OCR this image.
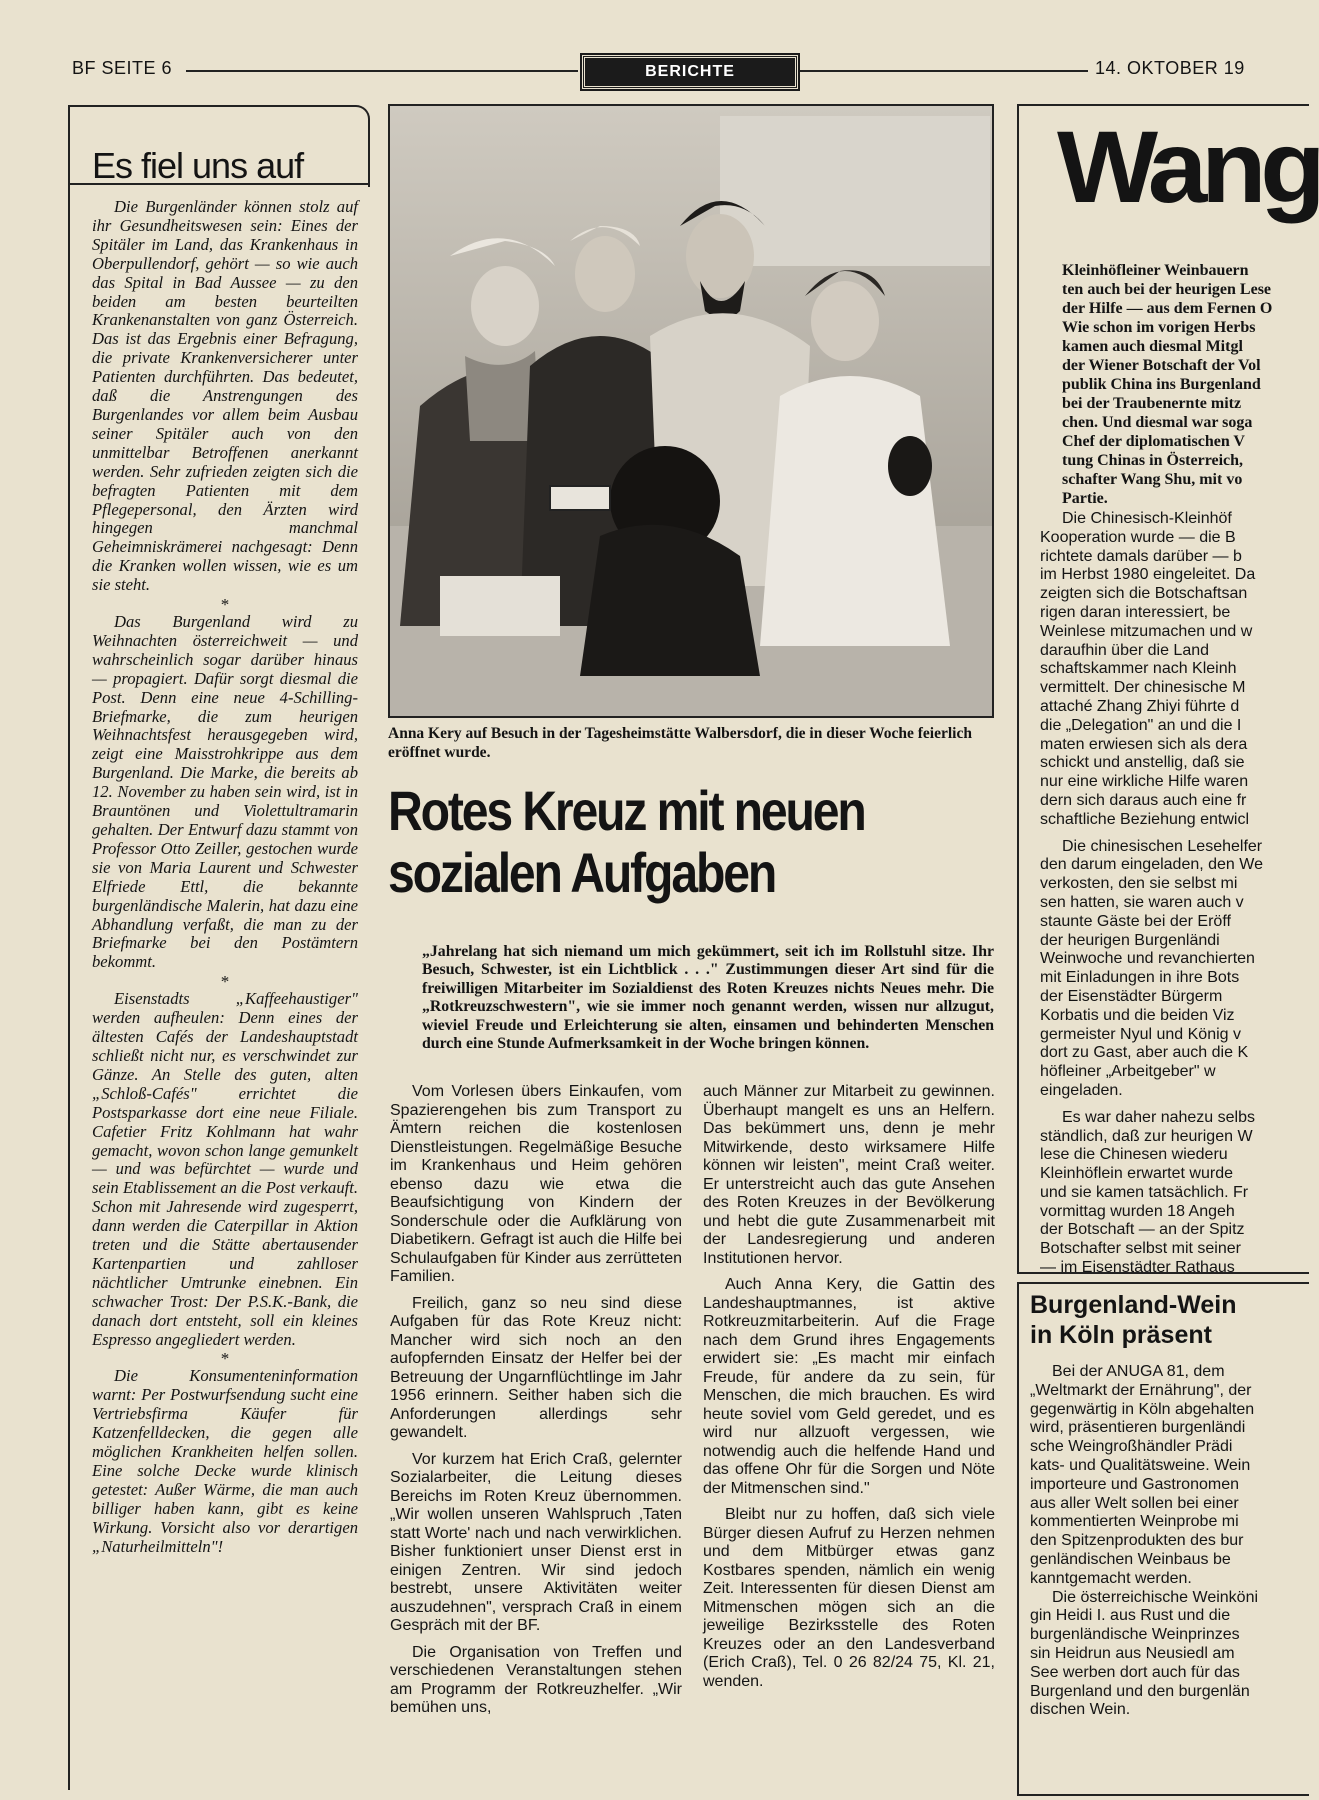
BF SEITE 6	BERICHTE	14. OKTOBER 19
Es fiel uns auf

Die Burgenländer können stolz auf ihr Gesundheitswesen sein: Eines der Spitäler im Land, das Krankenhaus in Oberpullendorf, gehört — so wie auch das Spital in Bad Aussee — zu den beiden am besten beurteilten Krankenanstalten von ganz Österreich. Das ist das Ergebnis einer Befragung, die private Krankenversicherer unter Patienten durchführten. Das bedeutet, daß die Anstrengungen des Burgenlandes vor allem beim Ausbau seiner Spitäler auch von den unmittelbar Betroffenen anerkannt werden. Sehr zufrieden zeigten sich die befragten Patienten mit dem Pflegepersonal, den Ärzten wird hingegen manchmal Geheimniskrämerei nachgesagt: Denn die Kranken wollen wissen, wie es um sie steht.

*

Das Burgenland wird zu Weihnachten österreichweit — und wahrscheinlich sogar darüber hinaus — propagiert. Dafür sorgt diesmal die Post. Denn eine neue 4-Schilling-Briefmarke, die zum heurigen Weihnachtsfest herausgegeben wird, zeigt eine Maisstrohkrippe aus dem Burgenland. Die Marke, die bereits ab 12. November zu haben sein wird, ist in Brauntönen und Violettultramarin gehalten. Der Entwurf dazu stammt von Professor Otto Zeiller, gestochen wurde sie von Maria Laurent und Schwester Elfriede Ettl, die bekannte burgenländische Malerin, hat dazu eine Abhandlung verfaßt, die man zu der Briefmarke bei den Postämtern bekommt.

*

Eisenstadts „Kaffeehaustiger" werden aufheulen: Denn eines der ältesten Cafés der Landeshauptstadt schließt nicht nur, es verschwindet zur Gänze. An Stelle des guten, alten „Schloß-Cafés" errichtet die Postsparkasse dort eine neue Filiale. Cafetier Fritz Kohlmann hat wahr gemacht, wovon schon lange gemunkelt — und was befürchtet — wurde und sein Etablissement an die Post verkauft. Schon mit Jahresende wird zugesperrt, dann werden die Caterpillar in Aktion treten und die Stätte abertausender Kartenpartien und zahlloser nächtlicher Umtrunke einebnen. Ein schwacher Trost: Der P.S.K.-Bank, die danach dort entsteht, soll ein kleines Espresso angegliedert werden.

*

Die Konsumenteninformation warnt: Per Postwurfsendung sucht eine Vertriebsfirma Käufer für Katzenfelldecken, die gegen alle möglichen Krankheiten helfen sollen. Eine solche Decke wurde klinisch getestet: Außer Wärme, die man auch billiger haben kann, gibt es keine Wirkung. Vorsicht also vor derartigen „Naturheilmitteln"!

Anna Kery auf Besuch in der Tagesheimstätte Walbersdorf, die in dieser Woche feierlich eröffnet wurde.
Rotes Kreuz mit neuen
sozialen Aufgaben
„Jahrelang hat sich niemand um mich gekümmert, seit ich im Rollstuhl sitze. Ihr Besuch, Schwester, ist ein Lichtblick . . ." Zustimmungen dieser Art sind für die freiwilligen Mitarbeiter im Sozialdienst des Roten Kreuzes nichts Neues mehr. Die „Rotkreuzschwestern", wie sie immer noch genannt werden, wissen nur allzugut, wieviel Freude und Erleichterung sie alten, einsamen und behinderten Menschen durch eine Stunde Aufmerksamkeit in der Woche bringen können.

Vom Vorlesen übers Einkaufen, vom Spazierengehen bis zum Transport zu Ämtern reichen die kostenlosen Dienstleistungen. Regelmäßige Besuche im Krankenhaus und Heim gehören ebenso dazu wie etwa die Beaufsichtigung von Kindern der Sonderschule oder die Aufklärung von Diabetikern. Gefragt ist auch die Hilfe bei Schulaufgaben für Kinder aus zerrütteten Familien.

Freilich, ganz so neu sind diese Aufgaben für das Rote Kreuz nicht: Mancher wird sich noch an den aufopfernden Einsatz der Helfer bei der Betreuung der Ungarnflüchtlinge im Jahr 1956 erinnern. Seither haben sich die Anforderungen allerdings sehr gewandelt.

Vor kurzem hat Erich Craß, gelernter Sozialarbeiter, die Leitung dieses Bereichs im Roten Kreuz übernommen. „Wir wollen unseren Wahlspruch ‚Taten statt Worte' nach und nach verwirklichen. Bisher funktioniert unser Dienst erst in einigen Zentren. Wir sind jedoch bestrebt, unsere Aktivitäten weiter auszudehnen", versprach Craß in einem Gespräch mit der BF.

Die Organisation von Treffen und verschiedenen Veranstaltungen stehen am Programm der Rotkreuzhelfer. „Wir bemühen uns,

auch Männer zur Mitarbeit zu gewinnen. Überhaupt mangelt es uns an Helfern. Das bekümmert uns, denn je mehr Mitwirkende, desto wirksamere Hilfe können wir leisten", meint Craß weiter. Er unterstreicht auch das gute Ansehen des Roten Kreuzes in der Bevölkerung und hebt die gute Zusammenarbeit mit der Landesregierung und anderen Institutionen hervor.

Auch Anna Kery, die Gattin des Landeshauptmannes, ist aktive Rotkreuzmitarbeiterin. Auf die Frage nach dem Grund ihres Engagements erwidert sie: „Es macht mir einfach Freude, für andere da zu sein, für Menschen, die mich brauchen. Es wird heute soviel vom Geld geredet, und es wird nur allzuoft vergessen, wie notwendig auch die helfende Hand und das offene Ohr für die Sorgen und Nöte der Mitmenschen sind."

Bleibt nur zu hoffen, daß sich viele Bürger diesen Aufruf zu Herzen nehmen und dem Mitbürger etwas ganz Kostbares spenden, nämlich ein wenig Zeit. Interessenten für diesen Dienst am Mitmenschen mögen sich an die jeweilige Bezirksstelle des Roten Kreuzes oder an den Landesverband (Erich Craß), Tel. 0 26 82/24 75, Kl. 21, wenden.

Wang

Kleinhöfleiner Weinbauern
ten auch bei der heurigen Lese
der Hilfe — aus dem Fernen O
Wie schon im vorigen Herbs
kamen auch diesmal Mitgl
der Wiener Botschaft der Vol
publik China ins Burgenland
bei der Traubenernte mitz
chen. Und diesmal war soga
Chef der diplomatischen V
tung Chinas in Österreich,
schafter Wang Shu, mit vo
Partie.

Die Chinesisch-Kleinhöf
Kooperation wurde — die B
richtete damals darüber — b
im Herbst 1980 eingeleitet. Da
zeigten sich die Botschaftsan
rigen daran interessiert, be
Weinlese mitzumachen und w
daraufhin über die Land
schaftskammer nach Kleinh
vermittelt. Der chinesische M
attaché Zhang Zhiyi führte d
die „Delegation" an und die I
maten erwiesen sich als dera
schickt und anstellig, daß sie
nur eine wirkliche Hilfe waren
dern sich daraus auch eine fr
schaftliche Beziehung entwicl

Die chinesischen Lesehelfer
den darum eingeladen, den We
verkosten, den sie selbst mi
sen hatten, sie waren auch v
staunte Gäste bei der Eröff
der heurigen Burgenländi
Weinwoche und revanchierten
mit Einladungen in ihre Bots
der Eisenstädter Bürgerm
Korbatis und die beiden Viz
germeister Nyul und König v
dort zu Gast, aber auch die K
höfleiner „Arbeitgeber" w
eingeladen.

Es war daher nahezu selbs
ständlich, daß zur heurigen W
lese die Chinesen wiederu
Kleinhöflein erwartet wurde
und sie kamen tatsächlich. Fr
vormittag wurden 18 Angeh
der Botschaft — an der Spitz
Botschafter selbst mit seiner
— im Eisenstädter Rathaus

Burgenland-Wein
in Köln präsent

Bei der ANUGA 81, dem
„Weltmarkt der Ernährung", der
gegenwärtig in Köln abgehalten
wird, präsentieren burgenländi
sche Weingroßhändler Prädi
kats- und Qualitätsweine. Wein
importeure und Gastronomen
aus aller Welt sollen bei einer
kommentierten Weinprobe mi
den Spitzenprodukten des bur
genländischen Weinbaus be
kanntgemacht werden.

Die österreichische Weinköni
gin Heidi I. aus Rust und die
burgenländische Weinprinzes
sin Heidrun aus Neusiedl am
See werben dort auch für das
Burgenland und den burgenlän
dischen Wein.
